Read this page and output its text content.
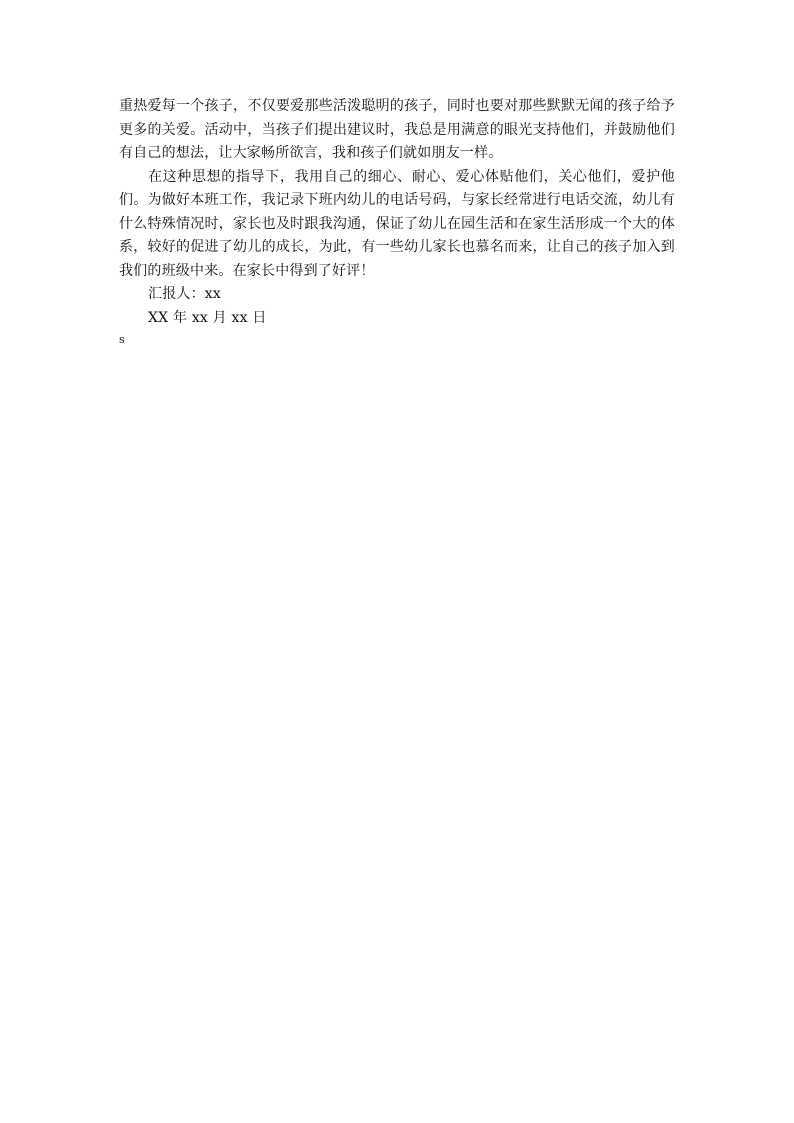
重热爱每一个孩子，不仅要爱那些活泼聪明的孩子，同时也要对那些默默无闻的孩子给予更多的关爱。活动中，当孩子们提出建议时，我总是用满意的眼光支持他们，并鼓励他们有自己的想法，让大家畅所欲言，我和孩子们就如朋友一样。

在这种思想的指导下，我用自己的细心、耐心、爱心体贴他们，关心他们，爱护他们。为做好本班工作，我记录下班内幼儿的电话号码，与家长经常进行电话交流，幼儿有什么特殊情况时，家长也及时跟我沟通，保证了幼儿在园生活和在家生活形成一个大的体系，较好的促进了幼儿的成长，为此，有一些幼儿家长也慕名而来，让自己的孩子加入到我们的班级中来。在家长中得到了好评！

汇报人：xx

XX 年 xx 月 xx 日

s
